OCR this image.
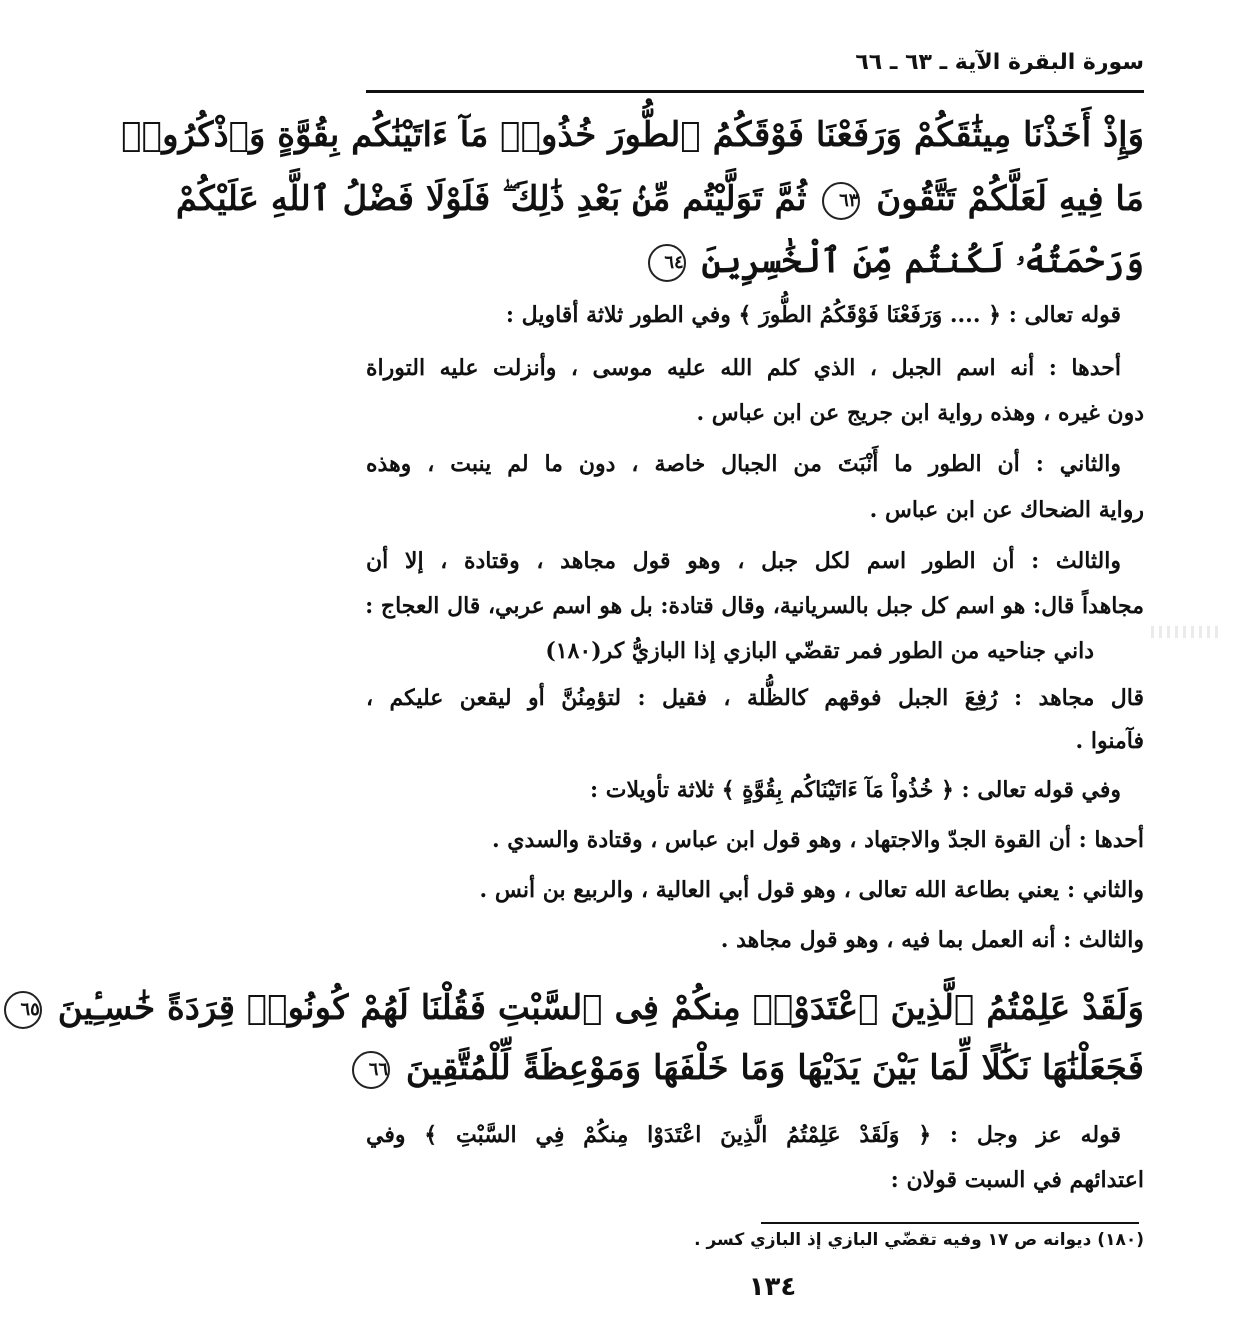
سورة البقرة الآية ـ ٦٣ ـ ٦٦
وَإِذْ أَخَذْنَا مِيثَٰقَكُمْ وَرَفَعْنَا فَوْقَكُمُ ٱلطُّورَ خُذُوا۟ مَآ ءَاتَيْنَٰكُم بِقُوَّةٍ وَٱذْكُرُوا۟
مَا فِيهِ لَعَلَّكُمْ تَتَّقُونَ ٦٣ ثُمَّ تَوَلَّيْتُم مِّنۢ بَعْدِ ذَٰلِكَ ۖ فَلَوْلَا فَضْلُ ٱللَّهِ عَلَيْكُمْ
وَرَحْمَتُهُۥ لَكُنتُم مِّنَ ٱلْخَٰسِرِينَ ٦٤
قوله تعالى : ﴿ .... وَرَفَعْنَا فَوْقَكُمُ الطُّورَ ﴾ وفي الطور ثلاثة أقاويل :
أحدها : أنه اسم الجبل ، الذي كلم الله عليه موسى ، وأنزلت عليه التوراة
دون غيره ، وهذه رواية ابن جريج عن ابن عباس .
والثاني : أن الطور ما أَنْبَتَ من الجبال خاصة ، دون ما لم ينبت ، وهذه
رواية الضحاك عن ابن عباس .
والثالث : أن الطور اسم لكل جبل ، وهو قول مجاهد ، وقتادة ، إلا أن
مجاهداً قال: هو اسم كل جبل بالسريانية، وقال قتادة: بل هو اسم عربي، قال العجاج :
داني جناحيه من الطور فمر تقضّي البازي إذا البازيُّ كر(١٨٠)
قال مجاهد : رُفِعَ الجبل فوقهم كالظُّلة ، فقيل : لتؤمِنُنَّ أو ليقعن عليكم ،
فآمنوا .
وفي قوله تعالى : ﴿ خُذُواْ مَآ ءَاتَيْنَاكُم بِقُوَّةٍ ﴾ ثلاثة تأويلات :
أحدها : أن القوة الجدّ والاجتهاد ، وهو قول ابن عباس ، وقتادة والسدي .
والثاني : يعني بطاعة الله تعالى ، وهو قول أبي العالية ، والربيع بن أنس .
والثالث : أنه العمل بما فيه ، وهو قول مجاهد .
وَلَقَدْ عَلِمْتُمُ ٱلَّذِينَ ٱعْتَدَوْا۟ مِنكُمْ فِى ٱلسَّبْتِ فَقُلْنَا لَهُمْ كُونُوا۟ قِرَدَةً خَٰسِـِٔينَ ٦٥
فَجَعَلْنَٰهَا نَكَٰلًا لِّمَا بَيْنَ يَدَيْهَا وَمَا خَلْفَهَا وَمَوْعِظَةً لِّلْمُتَّقِينَ ٦٦
قوله عز وجل : ﴿ وَلَقَدْ عَلِمْتُمُ الَّذِينَ اعْتَدَوْا مِنكُمْ فِي السَّبْتِ ﴾ وفي
اعتدائهم في السبت قولان :
(١٨٠) ديوانه ص ١٧ وفيه تقضّي البازي إذ البازي كسر .
١٣٤
